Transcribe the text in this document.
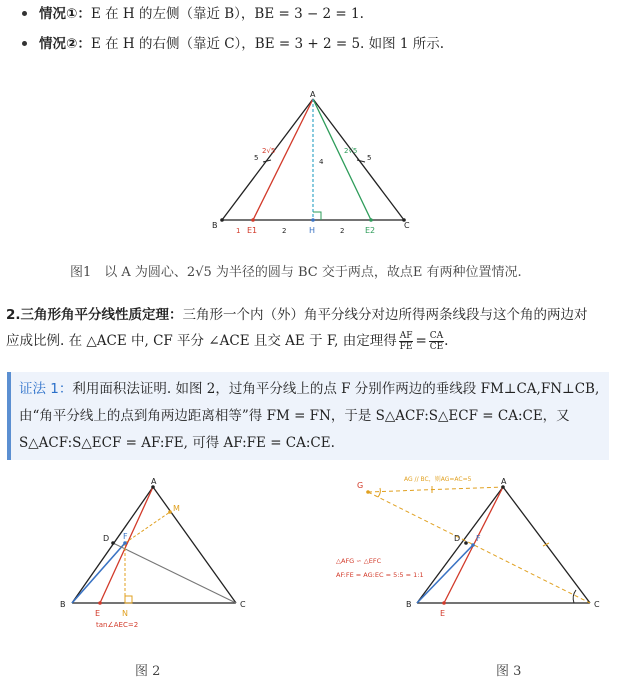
情况①：E 在 H 的左侧（靠近 B），BE = 3 − 2 = 1.
情况②：E 在 H 的右侧（靠近 C），BE = 3 + 2 = 5. 如图 1 所示.
A
B	C
E1	H	E2
5	5
4
2√5	2√5
1	2	2
A
B	C
D
E
F
M
N
tan∠AEC=2
A
B	C
D
E
F
G
AG // BC，则AG=AC=5
△AFG ∽ △EFC
AF:FE = AG:EC = 5:5 = 1:1
图1　以 A 为圆心、2√5 为半径的圆与 BC 交于两点，故点E 有两种位置情况.
2.三角形角平分线性质定理：三角形一个内（外）角平分线分对边所得两条线段与这个角的两边对
应成比例. 在 △ACE 中, CF 平分 ∠ACE 且交 AE 于 F, 由定理得 $\frac{AF}{FE} = \frac{CA}{CE}$ .
证法 1：利用面积法证明. 如图 2，过角平分线上的点 F 分别作两边的垂线段 FM⊥CA,FN⊥CB,
由“角平分线上的点到角两边距离相等”得 FM = FN，于是 S△ACF:S△ECF = CA:CE，又
S△ACF:S△ECF = AF:FE, 可得 AF:FE = CA:CE.
图 2	图 3
